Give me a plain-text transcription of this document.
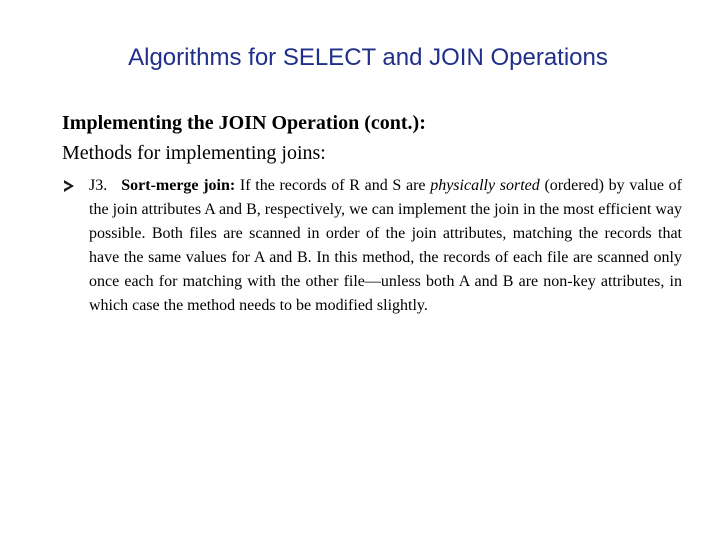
Algorithms for SELECT and JOIN Operations

Implementing the JOIN Operation (cont.):

Methods for implementing joins:

J3. Sort-merge join: If the records of R and S are physically sorted (ordered) by value of the join attributes A and B, respectively, we can implement the join in the most efficient way possible. Both files are scanned in order of the join attributes, matching the records that have the same values for A and B. In this method, the records of each file are scanned only once each for matching with the other file—unless both A and B are non-key attributes, in which case the method needs to be modified slightly.
